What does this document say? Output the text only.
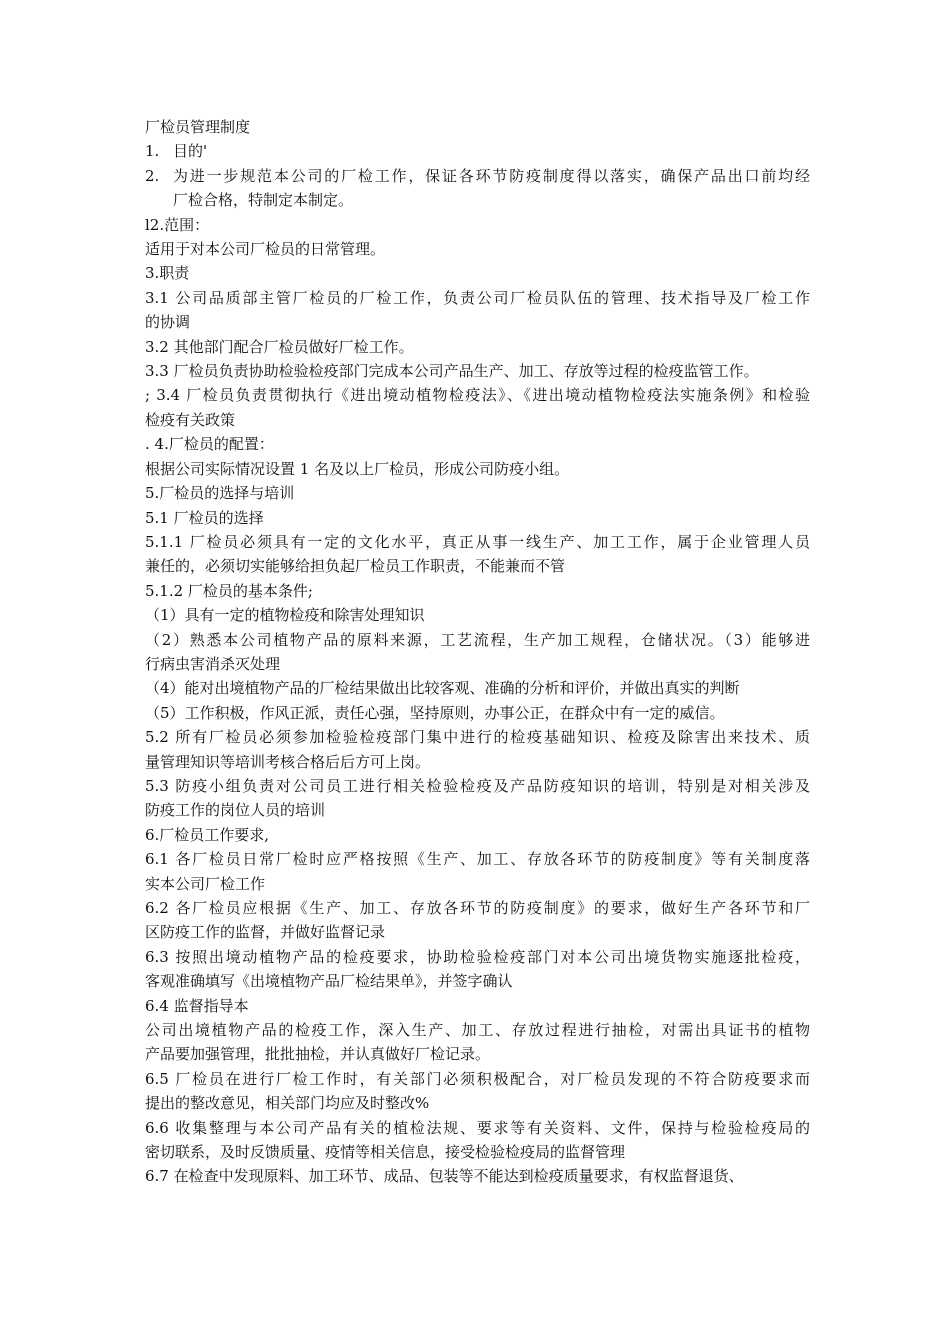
厂检员管理制度
1. 目的'
2. 为进一步规范本公司的厂检工作，保证各环节防疫制度得以落实，确保产品出口前均经
厂检合格，特制定本制定。
l2.范围：
适用于对本公司厂检员的日常管理。
3.职责
3.1 公司品质部主管厂检员的厂检工作，负责公司厂检员队伍的管理、技术指导及厂检工作
的协调
3.2 其他部门配合厂检员做好厂检工作。
3.3 厂检员负责协助检验检疫部门完成本公司产品生产、加工、存放等过程的检疫监管工作。
; 3.4 厂检员负责贯彻执行《进出境动植物检疫法》、《进出境动植物检疫法实施条例》和检验
检疫有关政策
. 4.厂检员的配置：
根据公司实际情况设置 1 名及以上厂检员，形成公司防疫小组。
5.厂检员的选择与培训
5.1 厂检员的选择
5.1.1 厂检员必须具有一定的文化水平，真正从事一线生产、加工工作，属于企业管理人员
兼任的，必须切实能够给担负起厂检员工作职责，不能兼而不管
5.1.2 厂检员的基本条件;
（1）具有一定的植物检疫和除害处理知识
（2）熟悉本公司植物产品的原料来源，工艺流程，生产加工规程，仓储状况。（3）能够进
行病虫害消杀灭处理
（4）能对出境植物产品的厂检结果做出比较客观、准确的分析和评价，并做出真实的判断
（5）工作积极，作风正派，责任心强，坚持原则，办事公正，在群众中有一定的威信。
5.2 所有厂检员必须参加检验检疫部门集中进行的检疫基础知识、检疫及除害出来技术、质
量管理知识等培训考核合格后后方可上岗。
5.3 防疫小组负责对公司员工进行相关检验检疫及产品防疫知识的培训，特别是对相关涉及
防疫工作的岗位人员的培训
6.厂检员工作要求,
6.1 各厂检员日常厂检时应严格按照《生产、加工、存放各环节的防疫制度》等有关制度落
实本公司厂检工作
6.2 各厂检员应根据《生产、加工、存放各环节的防疫制度》的要求，做好生产各环节和厂
区防疫工作的监督，并做好监督记录
6.3 按照出境动植物产品的检疫要求，协助检验检疫部门对本公司出境货物实施逐批检疫，
客观准确填写《出境植物产品厂检结果单》，并签字确认
6.4 监督指导本
公司出境植物产品的检疫工作，深入生产、加工、存放过程进行抽检，对需出具证书的植物
产品要加强管理，批批抽检，并认真做好厂检记录。
6.5 厂检员在进行厂检工作时，有关部门必须积极配合，对厂检员发现的不符合防疫要求而
提出的整改意见，相关部门均应及时整改%
6.6 收集整理与本公司产品有关的植检法规、要求等有关资料、文件，保持与检验检疫局的
密切联系，及时反馈质量、疫情等相关信息，接受检验检疫局的监督管理
6.7 在检查中发现原料、加工环节、成品、包装等不能达到检疫质量要求，有权监督退货、
